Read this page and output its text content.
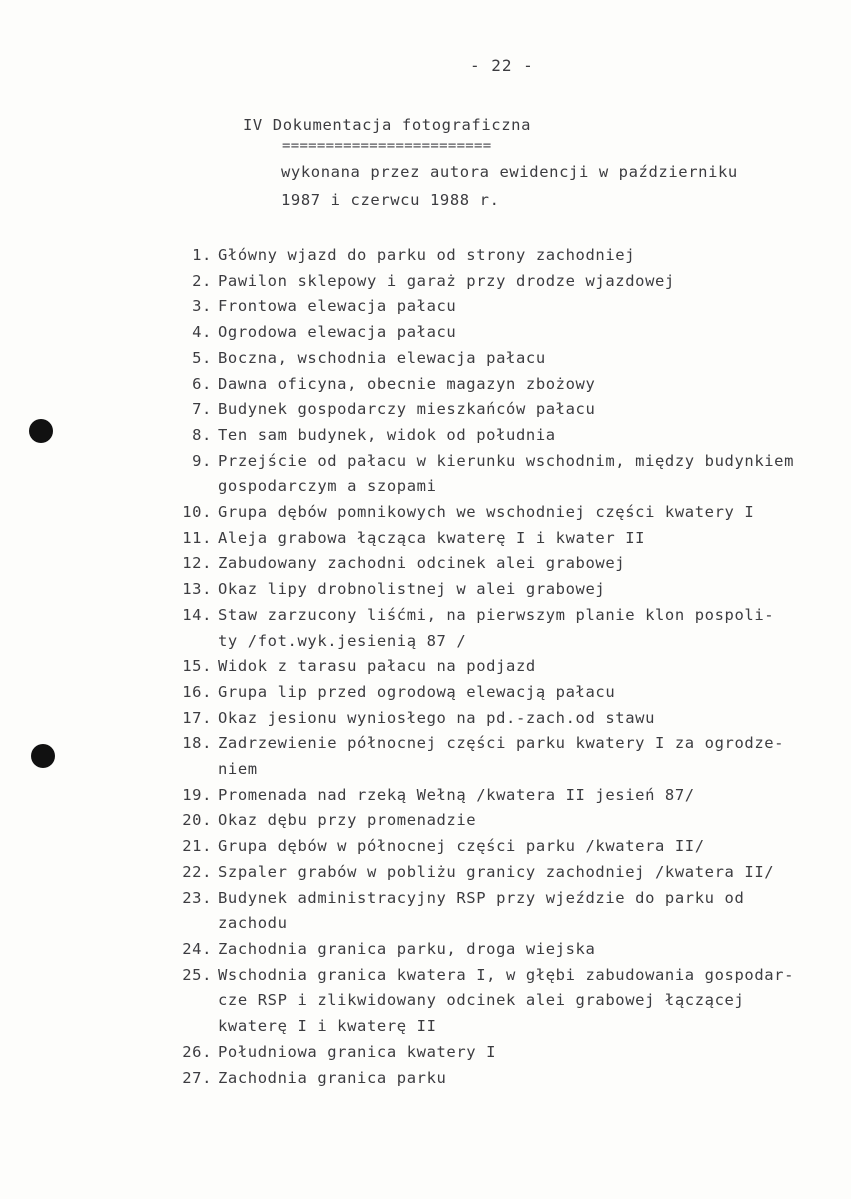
- 22 -
IV Dokumentacja fotograficzna
========================
wykonana przez autora ewidencji w październiku
1987 i czerwcu 1988 r.
1. Główny wjazd do parku od strony zachodniej
2. Pawilon sklepowy i garaż przy drodze wjazdowej
3. Frontowa elewacja pałacu
4. Ogrodowa elewacja pałacu
5. Boczna, wschodnia elewacja pałacu
6. Dawna oficyna, obecnie magazyn zbożowy
7. Budynek gospodarczy mieszkańców pałacu
8. Ten sam budynek, widok od południa
9. Przejście od pałacu w kierunku wschodnim, między budynkiem
gospodarczym a szopami
10. Grupa dębów pomnikowych we wschodniej części kwatery I
11. Aleja grabowa łącząca kwaterę I i kwater II
12. Zabudowany zachodni odcinek alei grabowej
13. Okaz lipy drobnolistnej w alei grabowej
14. Staw zarzucony liśćmi, na pierwszym planie klon pospoli-
ty /fot.wyk.jesienią 87 /
15. Widok z tarasu pałacu na podjazd
16. Grupa lip przed ogrodową elewacją pałacu
17. Okaz jesionu wyniosłego na pd.-zach.od stawu
18. Zadrzewienie północnej części parku kwatery I za ogrodze-
niem
19. Promenada nad rzeką Wełną /kwatera II jesień 87/
20. Okaz dębu przy promenadzie
21. Grupa dębów w północnej części parku /kwatera II/
22. Szpaler grabów w pobliżu granicy zachodniej /kwatera II/
23. Budynek administracyjny RSP przy wjeździe do parku od
zachodu
24. Zachodnia granica parku, droga wiejska
25. Wschodnia granica kwatera I, w głębi zabudowania gospodar-
cze RSP i zlikwidowany odcinek alei grabowej łączącej
kwaterę I i kwaterę II
26. Południowa granica kwatery I
27. Zachodnia granica parku
